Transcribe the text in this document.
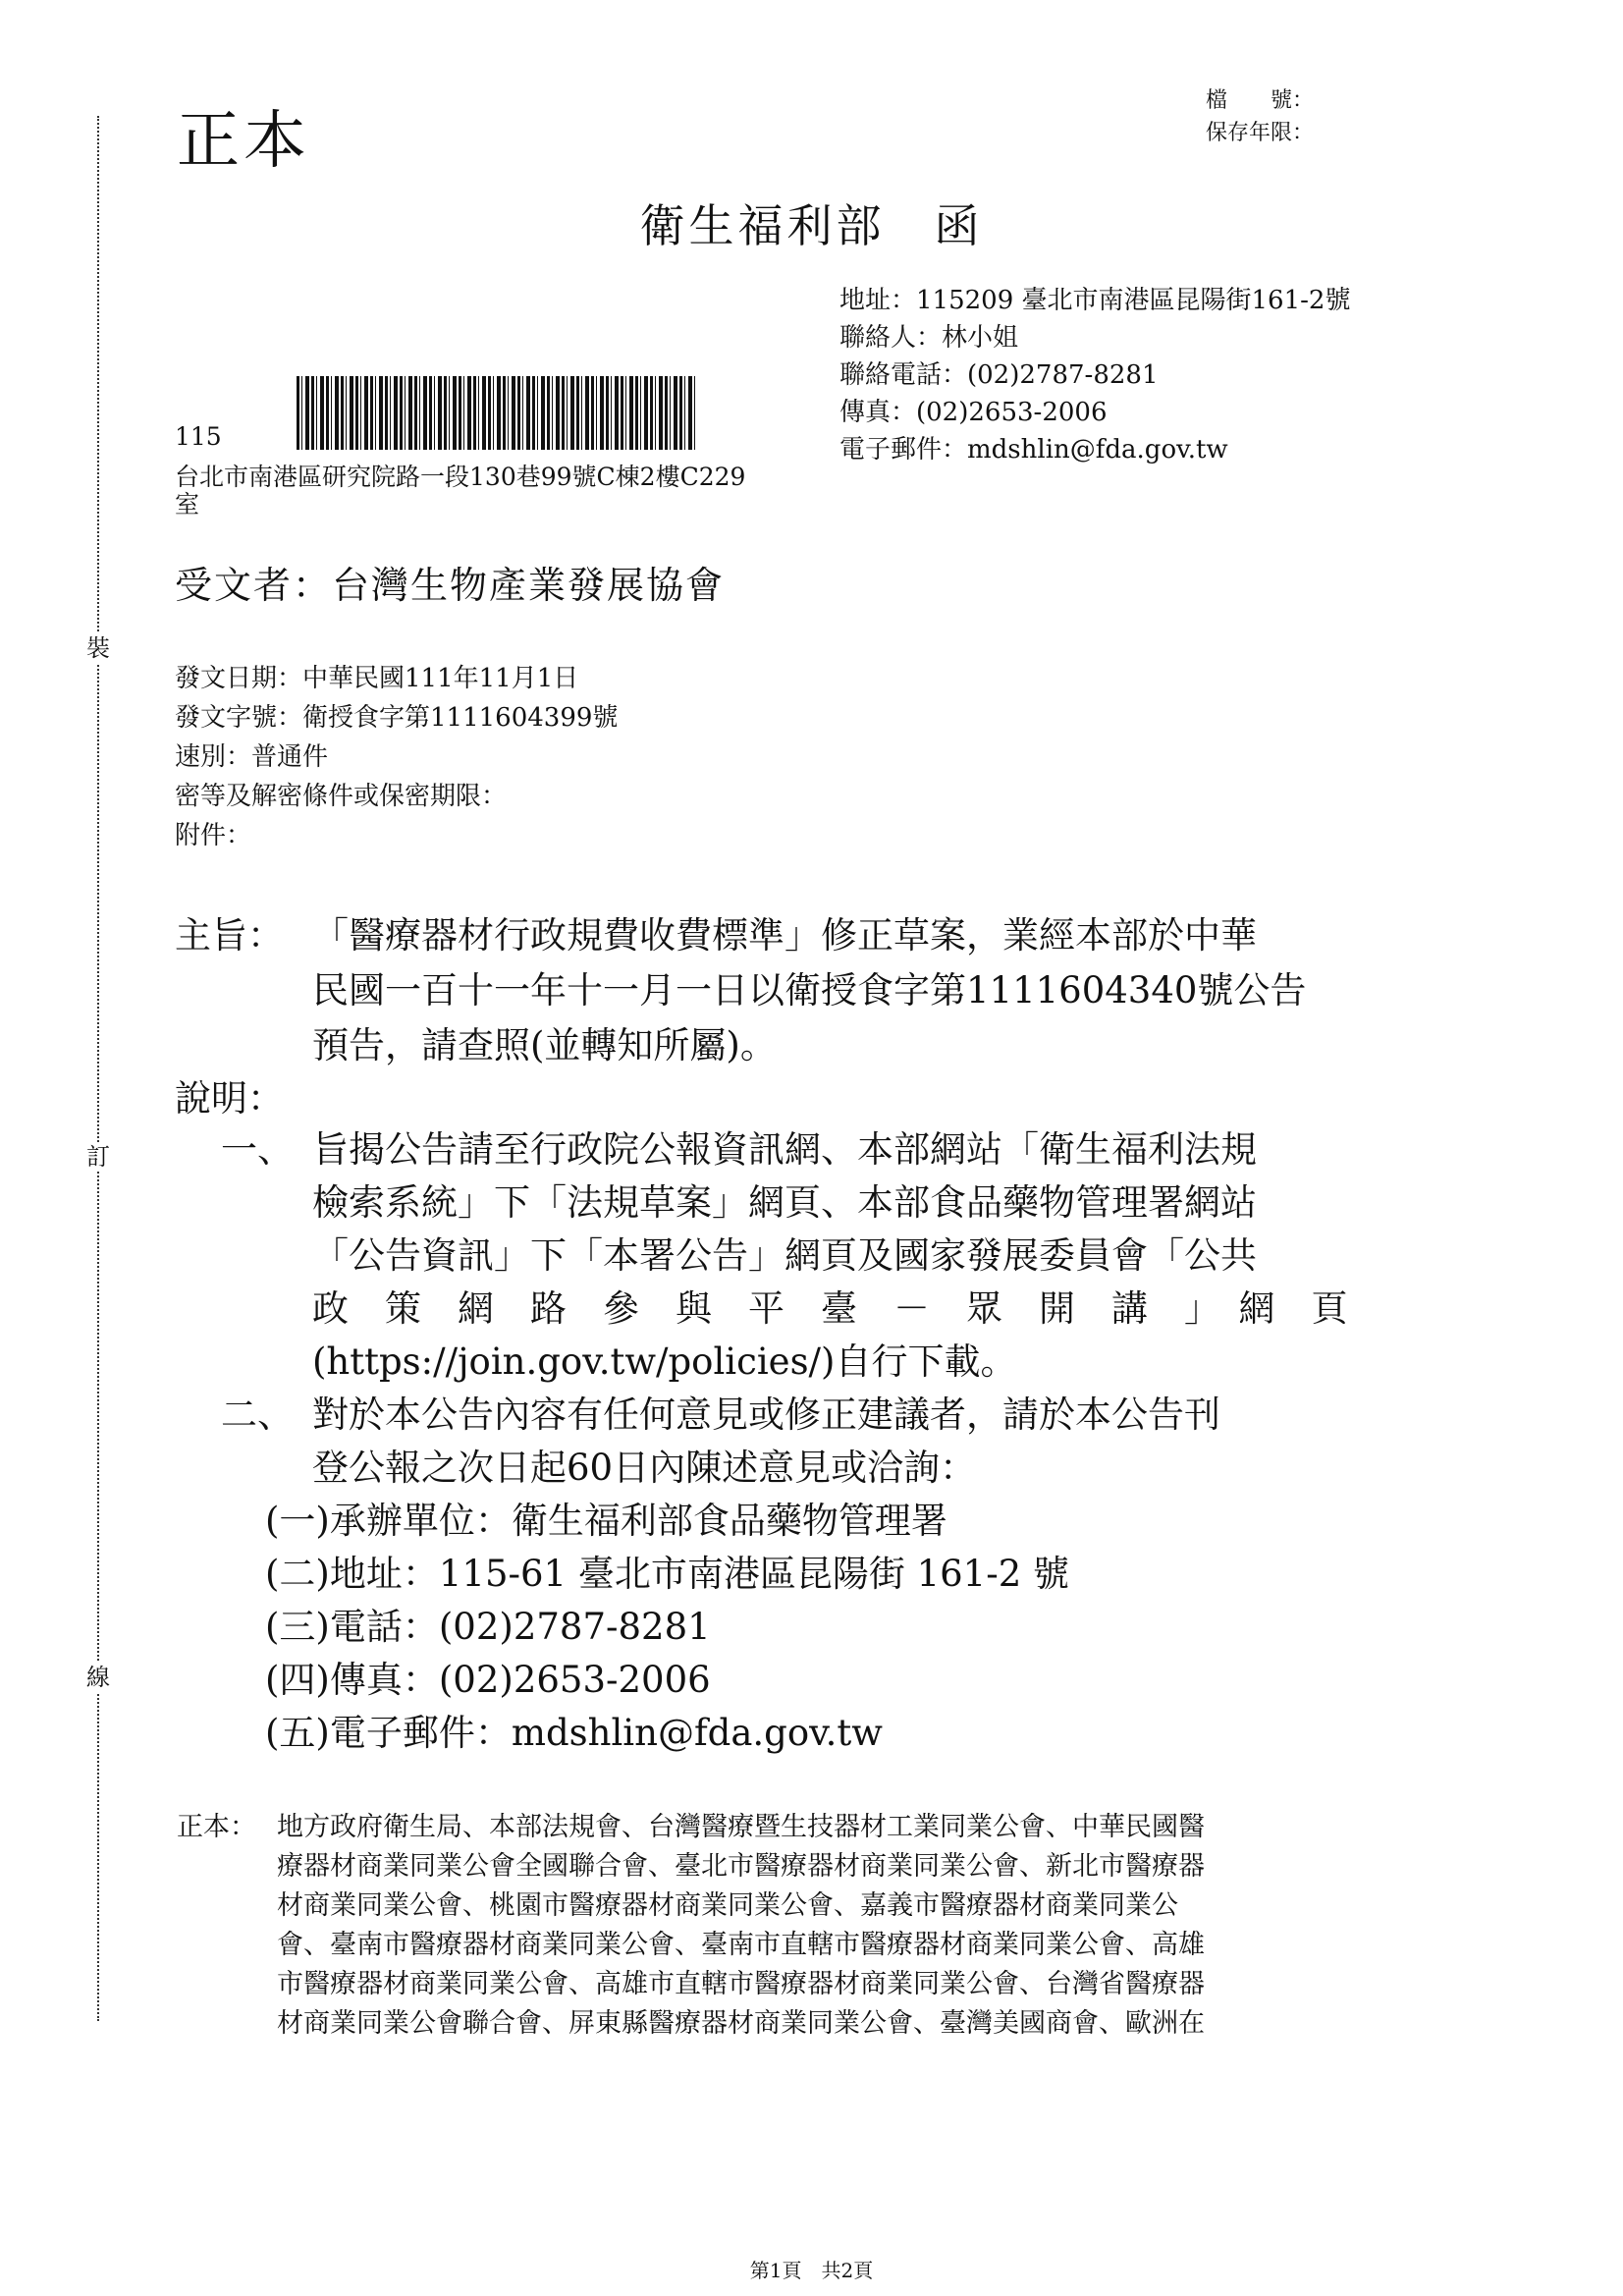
裝
訂
線
正本
檔　　號：
保存年限：
衛生福利部　函
地址：115209 臺北市南港區昆陽街161-2號
聯絡人：林小姐
聯絡電話：(02)2787-8281
傳真：(02)2653-2006
電子郵件：mdshlin@fda.gov.tw
115
台北市南港區研究院路一段130巷99號C棟2樓C229
室
受文者：台灣生物產業發展協會
發文日期：中華民國111年11月1日
發文字號：衛授食字第1111604399號
速別：普通件
密等及解密條件或保密期限：
附件：
主旨： 「醫療器材行政規費收費標準」修正草案，業經本部於中華
民國一百十一年十一月一日以衛授食字第1111604340號公告
預告，請查照(並轉知所屬)。
說明：
一、 旨揭公告請至行政院公報資訊網、本部網站「衛生福利法規
檢索系統」下「法規草案」網頁、本部食品藥物管理署網站
「公告資訊」下「本署公告」網頁及國家發展委員會「公共
政　策　網　路　參　與　平　臺　－　眾　開　講　」　網　頁
(https://join.gov.tw/policies/)自行下載。
二、 對於本公告內容有任何意見或修正建議者，請於本公告刊
登公報之次日起60日內陳述意見或洽詢：
(一)承辦單位：衛生福利部食品藥物管理署
(二)地址：115-61 臺北市南港區昆陽街 161-2 號
(三)電話：(02)2787-8281
(四)傳真：(02)2653-2006
(五)電子郵件：mdshlin@fda.gov.tw
正本： 地方政府衛生局、本部法規會、台灣醫療暨生技器材工業同業公會、中華民國醫
療器材商業同業公會全國聯合會、臺北市醫療器材商業同業公會、新北市醫療器
材商業同業公會、桃園市醫療器材商業同業公會、嘉義市醫療器材商業同業公
會、臺南市醫療器材商業同業公會、臺南市直轄市醫療器材商業同業公會、高雄
市醫療器材商業同業公會、高雄市直轄市醫療器材商業同業公會、台灣省醫療器
材商業同業公會聯合會、屏東縣醫療器材商業同業公會、臺灣美國商會、歐洲在
第1頁　共2頁
